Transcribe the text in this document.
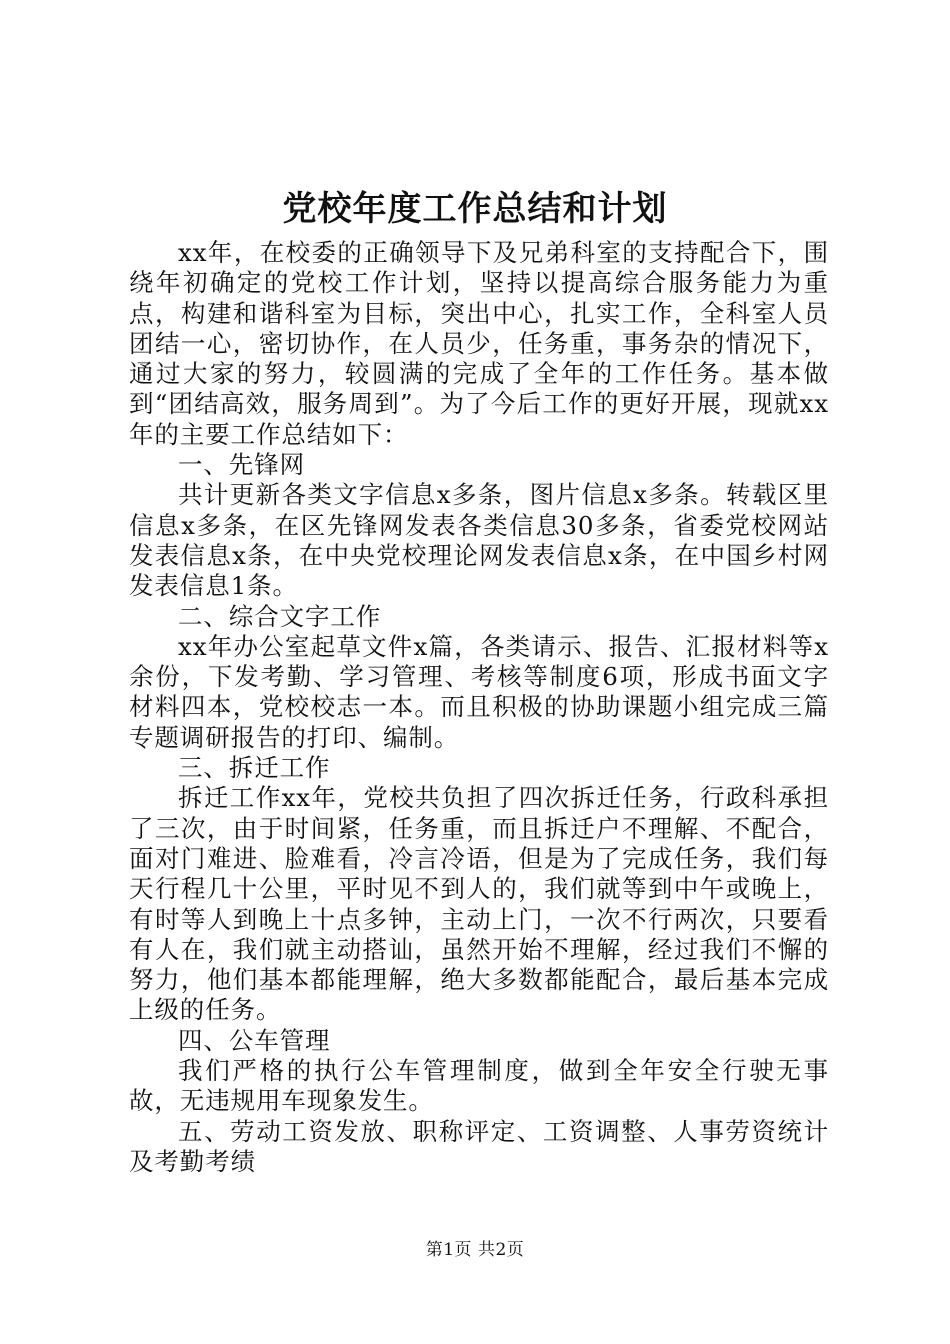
党校年度工作总结和计划

xx年，在校委的正确领导下及兄弟科室的支持配合下，围绕年初确定的党校工作计划，坚持以提高综合服务能力为重点，构建和谐科室为目标，突出中心，扎实工作，全科室人员团结一心，密切协作，在人员少，任务重，事务杂的情况下，通过大家的努力，较圆满的完成了全年的工作任务。基本做到“团结高效，服务周到”。为了今后工作的更好开展，现就xx年的主要工作总结如下：

一、先锋网

共计更新各类文字信息x多条，图片信息x多条。转载区里信息x多条，在区先锋网发表各类信息30多条，省委党校网站发表信息x条，在中央党校理论网发表信息x条，在中国乡村网发表信息1条。

二、综合文字工作

xx年办公室起草文件x篇，各类请示、报告、汇报材料等x余份，下发考勤、学习管理、考核等制度6项，形成书面文字材料四本，党校校志一本。而且积极的协助课题小组完成三篇专题调研报告的打印、编制。

三、拆迁工作

拆迁工作xx年，党校共负担了四次拆迁任务，行政科承担了三次，由于时间紧，任务重，而且拆迁户不理解、不配合，面对门难进、脸难看，冷言冷语，但是为了完成任务，我们每天行程几十公里，平时见不到人的，我们就等到中午或晚上，有时等人到晚上十点多钟，主动上门，一次不行两次，只要看有人在，我们就主动搭讪，虽然开始不理解，经过我们不懈的努力，他们基本都能理解，绝大多数都能配合，最后基本完成上级的任务。

四、公车管理

我们严格的执行公车管理制度，做到全年安全行驶无事故，无违规用车现象发生。

五、劳动工资发放、职称评定、工资调整、人事劳资统计及考勤考绩

第1页 共2页
